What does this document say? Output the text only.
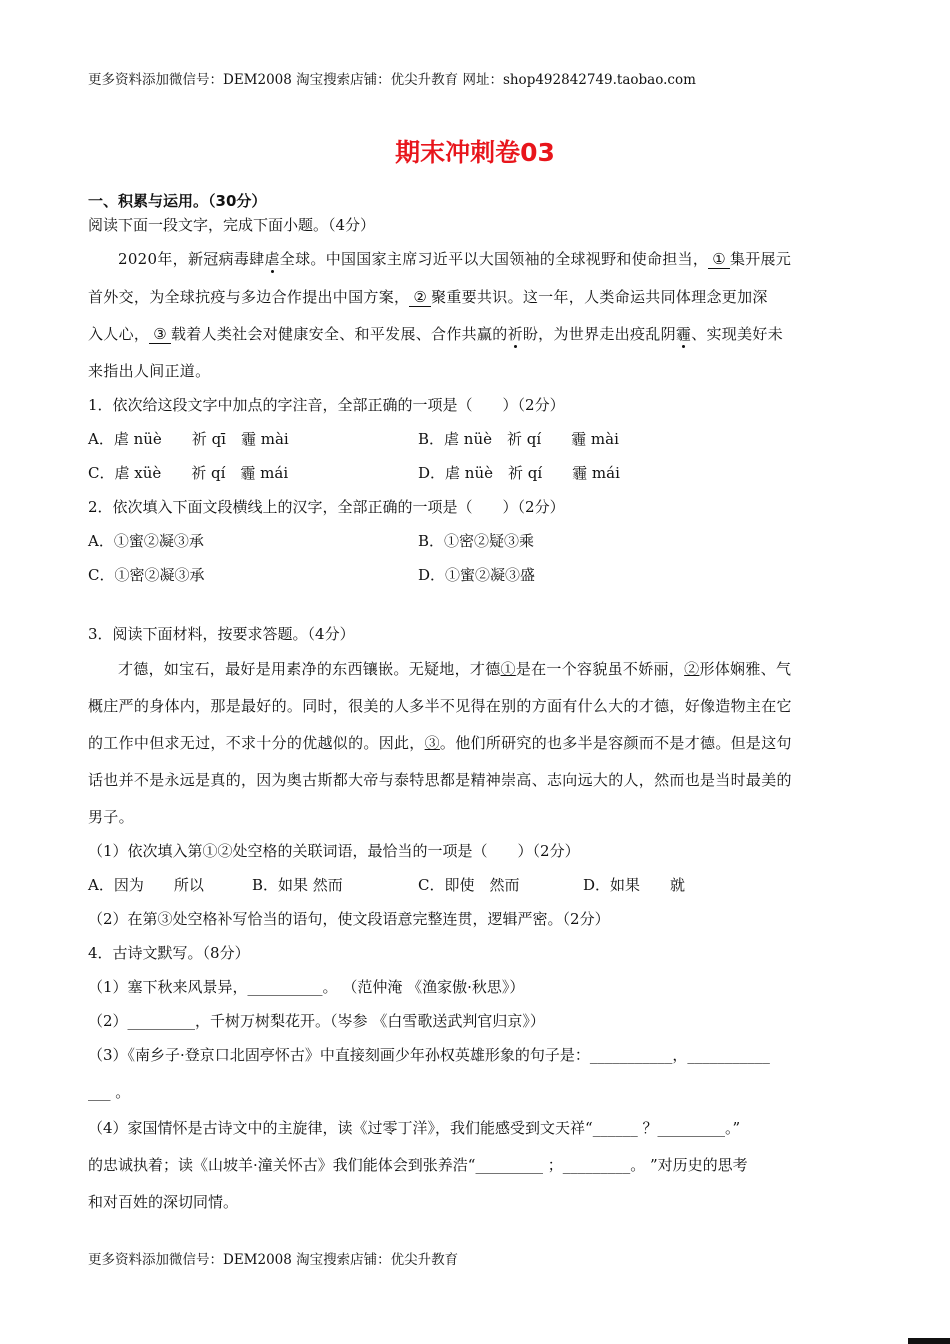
更多资料添加微信号：DEM2008 淘宝搜索店铺：优尖升教育 网址：shop492842749.taobao.com
期末冲刺卷03
一、积累与运用。（30分）
阅读下面一段文字，完成下面小题。（4分）
2020年，新冠病毒肆虐全球。中国国家主席习近平以大国领袖的全球视野和使命担当， ① 集开展元
首外交，为全球抗疫与多边合作提出中国方案， ② 聚重要共识。这一年，人类命运共同体理念更加深
入人心， ③ 载着人类社会对健康安全、和平发展、合作共赢的祈盼，为世界走出疫乱阴霾、实现美好未
来指出人间正道。
1．依次给这段文字中加点的字注音，全部正确的一项是（　　）（2分）
A．虐 nüè　　祈 qī　霾 mài	B．虐 nüè　祈 qí　　霾 mài
C．虐 xüè　　祈 qí　霾 mái	D．虐 nüè　祈 qí　　霾 mái
2．依次填入下面文段横线上的汉字，全部正确的一项是（　　）（2分）
A．①蜜②凝③承	B．①密②疑③乘
C．①密②凝③承	D．①蜜②凝③盛
3．阅读下面材料，按要求答题。（4分）
才德，如宝石，最好是用素净的东西镶嵌。无疑地，才德①是在一个容貌虽不娇丽，②形体娴雅、气
概庄严的身体内，那是最好的。同时，很美的人多半不见得在别的方面有什么大的才德，好像造物主在它
的工作中但求无过，不求十分的优越似的。因此，③。他们所研究的也多半是容颜而不是才德。但是这句
话也并不是永远是真的，因为奥古斯都大帝与泰特思都是精神崇高、志向远大的人，然而也是当时最美的
男子。
（1）依次填入第①②处空格的关联词语，最恰当的一项是（　　）（2分）
A．因为　　所以	B．如果 然而	C．即使　然而	D．如果　　就
（2）在第③处空格补写恰当的语句，使文段语意完整连贯，逻辑严密。（2分）
4．古诗文默写。（8分）
（1）塞下秋来风景异，__________。 （范仲淹 《渔家傲·秋思》）
（2）_________，千树万树梨花开。（岑参 《白雪歌送武判官归京》）
（3）《南乡子·登京口北固亭怀古》中直接刻画少年孙权英雄形象的句子是：___________，___________
___ 。
（4）家国情怀是古诗文中的主旋律，读《过零丁洋》，我们能感受到文天祥“______ ？_________。”
的忠诚执着；读《山坡羊·潼关怀古》我们能体会到张养浩“_________ ；_________。 ”对历史的思考
和对百姓的深切同情。
更多资料添加微信号：DEM2008 淘宝搜索店铺：优尖升教育
